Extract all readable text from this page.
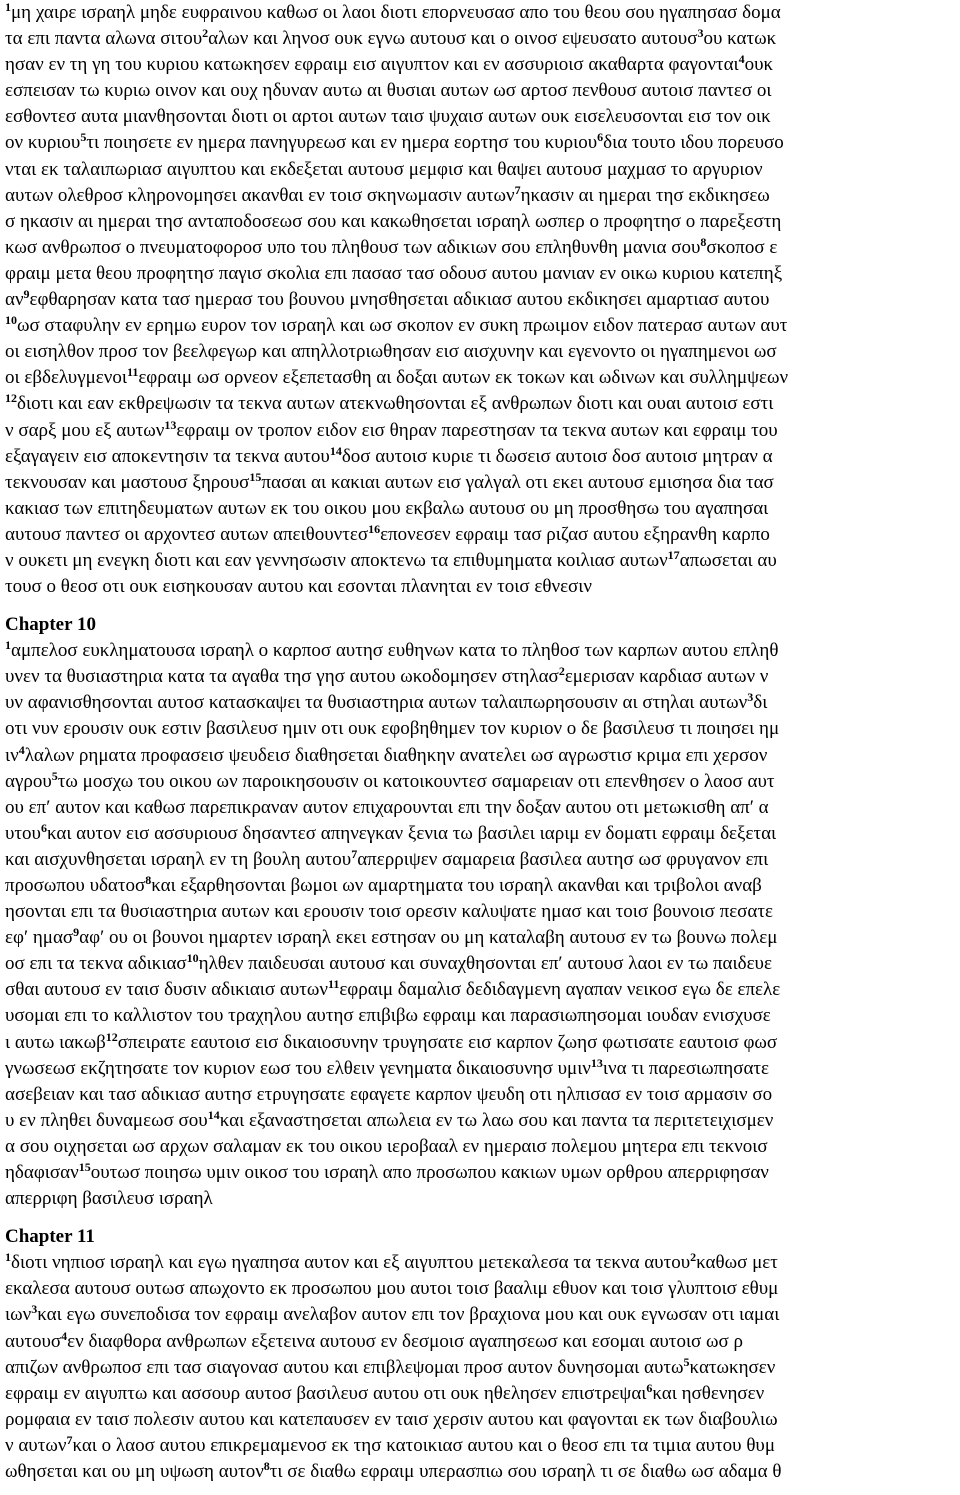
$^1$μη χαιρε ισραηλ μηδε ευφραινου καθωσ οι λαοι διοτι επορνευσασ απο του θεου σου ηγαπησασ δομα
τα επι παντα αλωνα σιτου$^2$αλων και ληνοσ ουκ εγνω αυτουσ και ο οινοσ εψευσατο αυτουσ$^3$ου κατωκ
ησαν εν τη γη του κυριου κατωκησεν εφραιμ εισ αιγυπτον και εν ασσυριοισ ακαθαρτα φαγονται$^4$ουκ
εσπεισαν τω κυριω οινον και ουχ ηδυναν αυτω αι θυσιαι αυτων ωσ αρτοσ πενθουσ αυτοισ παντεσ οι
εσθοντεσ αυτα μιανθησονται διοτι οι αρτοι αυτων ταισ ψυχαισ αυτων ουκ εισελευσονται εισ τον οικ
ον κυριου$^5$τι ποιησετε εν ημερα πανηγυρεωσ και εν ημερα εορτησ του κυριου$^6$δια τουτο ιδου πορευσο
νται εκ ταλαιπωριασ αιγυπτου και εκδεξεται αυτουσ μεμφισ και θαψει αυτουσ μαχμασ το αργυριον
αυτων ολεθροσ κληρονομησει ακανθαι εν τοισ σκηνωμασιν αυτων$^7$ηκασιν αι ημεραι τησ εκδικησεω
σ ηκασιν αι ημεραι τησ ανταποδοσεωσ σου και κακωθησεται ισραηλ ωσπερ ο προφητησ ο παρεξεστη
κωσ ανθρωποσ ο πνευματοφοροσ υπο του πληθουσ των αδικιων σου επληθυνθη μανια σου$^8$σκοποσ ε
φραιμ μετα θεου προφητησ παγισ σκολια επι πασασ τασ οδουσ αυτου μανιαν εν οικω κυριου κατεπηξ
$\alpha\nu^9\varepsilon\varphi\theta\alpha\rho\eta\sigma\alpha\nu$ κατα τασ ημερασ του βουνου μνησθησεται αδικιασ αυτου εκδικησει αμαρτιασ αυτου
$^{10}$ωσ σταφυλην εν ερημω ευρον τον ισραηλ και ωσ σκοπον εν συκη πρωιμον ειδον πατερασ αυτων αυτ
οι εισηλθον προσ τον βεελφεγωρ και απηλλοτριωθησαν εισ αισχυνην και εγενοντο οι ηγαπημενοι ωσ
οι εβδελυγμενοι$^{11}$εφραιμ ωσ ορνεον εξεπετασθη αι δοξαι αυτων εκ τοκων και ωδινων και συλλημψεων
$^{12}$διοτι και εαν εκθρεψωσιν τα τεκνα αυτων ατεκνωθησονται εξ ανθρωπων διοτι και ουαι αυτοισ εστι
ν σαρξ μου εξ αυτων$^{13}$εφραιμ ον τροπον ειδον εισ θηραν παρεστησαν τα τεκνα αυτων και εφραιμ του
εξαγαγειν εισ αποκεντησιν τα τεκνα αυτου$^{14}$δοσ αυτοισ κυριε τι δωσεισ αυτοισ δοσ αυτοισ μητραν α
τεκνουσαν και μαστουσ ξηρουσ$^{15}$πασαι αι κακιαι αυτων εισ γαλγαλ οτι εκει αυτουσ εμισησα δια τασ
κακιασ των επιτηδευματων αυτων εκ του οικου μου εκβαλω αυτουσ ου μη προσθησω του αγαπησαι
αυτουσ παντεσ οι αρχοντεσ αυτων απειθουντεσ$^{16}$επονεσεν εφραιμ τασ ριζασ αυτου εξηρανθη καρπο
ν ουκετι μη ενεγκη διοτι και εαν γεννησωσιν αποκτενω τα επιθυμηματα κοιλιασ αυτων$^{17}$απωσεται αυ
τουσ ο θεοσ οτι ουκ εισηκουσαν αυτου και εσονται πλανηται εν τοισ εθνεσιν
Chapter 10
$^1$αμπελοσ ευκληματουσα ισραηλ ο καρποσ αυτησ ευθηνων κατα το πληθοσ των καρπων αυτου επληθ
υνεν τα θυσιαστηρια κατα τα αγαθα τησ γησ αυτου ωκοδομησεν στηλασ$^2$εμερισαν καρδιασ αυτων ν
υν αφανισθησονται αυτοσ κατασκαψει τα θυσιαστηρια αυτων ταλαιπωρησουσιν αι στηλαι αυτων$^3$δι
οτι νυν ερουσιν ουκ εστιν βασιλευσ ημιν οτι ουκ εφοβηθημεν τον κυριον ο δε βασιλευσ τι ποιησει ημ
$\iota\nu^4\lambda\alpha\lambda\omega\nu$ ρηματα προφασεισ ψευδεισ διαθησεται διαθηκην ανατελει ωσ αγρωστισ κριμα επι χερσον
αγρου$^5$τω μοσχω του οικου ων παροικησουσιν οι κατοικουντεσ σαμαρειαν οτι επενθησεν ο λαοσ αυτ
ου επʹ αυτον και καθωσ παρεπικραναν αυτον επιχαρουνται επι την δοξαν αυτου οτι μετωκισθη απʹ α
υτου$^6$και αυτον εισ ασσυριουσ δησαντεσ απηνεγκαν ξενια τω βασιλει ιαριμ εν δοματι εφραιμ δεξεται
και αισχυνθησεται ισραηλ εν τη βουλη αυτου$^7$απερριψεν σαμαρεια βασιλεα αυτησ ωσ φρυγανον επι
προσωπου υδατοσ$^8$και εξαρθησονται βωμοι ων αμαρτηματα του ισραηλ ακανθαι και τριβολοι αναβ
ησονται επι τα θυσιαστηρια αυτων και ερουσιν τοισ ορεσιν καλυψατε ημασ και τοισ βουνοισ πεσατε
εφʹ ημασ$^9$αφʹ ου οι βουνοι ημαρτεν ισραηλ εκει εστησαν ου μη καταλαβη αυτουσ εν τω βουνω πολεμ
οσ επι τα τεκνα αδικιασ$^{10}$ηλθεν παιδευσαι αυτουσ και συναχθησονται επʹ αυτουσ λαοι εν τω παιδευε
σθαι αυτουσ εν ταισ δυσιν αδικιαισ αυτων$^{11}$εφραιμ δαμαλισ δεδιδαγμενη αγαπαν νεικοσ εγω δε επελε
υσομαι επι το καλλιστον του τραχηλου αυτησ επιβιβω εφραιμ και παρασιωπησομαι ιουδαν ενισχυσε
ι αυτω ιακωβ$^{12}$σπειρατε εαυτοισ εισ δικαιοσυνην τρυγησατε εισ καρπον ζωησ φωτισατε εαυτοισ φωσ
γνωσεωσ εκζητησατε τον κυριον εωσ του ελθειν γενηματα δικαιοσυνησ υμιν$^{13}$ινα τι παρεσιωπησατε
ασεβειαν και τασ αδικιασ αυτησ ετρυγησατε εφαγετε καρπον ψευδη οτι ηλπισασ εν τοισ αρμασιν σο
υ εν πληθει δυναμεωσ σου$^{14}$και εξαναστησεται απωλεια εν τω λαω σου και παντα τα περιτετειχισμεν
α σου οιχησεται ωσ αρχων σαλαμαν εκ του οικου ιεροβααλ εν ημεραισ πολεμου μητερα επι τεκνοισ
ηδαφισαν$^{15}$ουτωσ ποιησω υμιν οικοσ του ισραηλ απο προσωπου κακιων υμων ορθρου απερριφησαν
απερριφη βασιλευσ ισραηλ
Chapter 11
$^1$διοτι νηπιοσ ισραηλ και εγω ηγαπησα αυτον και εξ αιγυπτου μετεκαλεσα τα τεκνα αυτου$^2$καθωσ μετ
εκαλεσα αυτουσ ουτωσ απωχοντο εκ προσωπου μου αυτοι τοισ βααλιμ εθυον και τοισ γλυπτοισ εθυμ
ιων$^3$και εγω συνεποδισα τον εφραιμ ανελαβον αυτον επι τον βραχιονα μου και ουκ εγνωσαν οτι ιαμαι
αυτουσ$^4$εν διαφθορα ανθρωπων εξετεινα αυτουσ εν δεσμοισ αγαπησεωσ και εσομαι αυτοισ ωσ ρ
απιζων ανθρωποσ επι τασ σιαγονασ αυτου και επιβλεψομαι προσ αυτον δυνησομαι αυτω$^5$κατωκησεν
εφραιμ εν αιγυπτω και ασσουρ αυτοσ βασιλευσ αυτου οτι ουκ ηθελησεν επιστρεψαι$^6$και ησθενησεν
ρομφαια εν ταισ πολεσιν αυτου και κατεπαυσεν εν ταισ χερσιν αυτου και φαγονται εκ των διαβουλιω
ν αυτων$^7$και ο λαοσ αυτου επικρεμαμενοσ εκ τησ κατοικιασ αυτου και ο θεοσ επι τα τιμια αυτου θυμ
ωθησεται και ου μη υψωση αυτον$^8$τι σε διαθω εφραιμ υπερασπιω σου ισραηλ τι σε διαθω ωσ αδαμα θ
